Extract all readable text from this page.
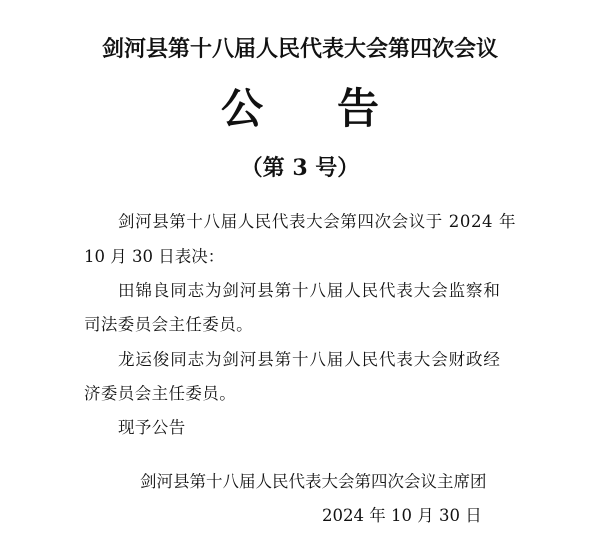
剑河县第十八届人民代表大会第四次会议
公告
（第 3 号）
剑河县第十八届人民代表大会第四次会议于 2024 年
10 月 30 日表决：
田锦良同志为剑河县第十八届人民代表大会监察和
司法委员会主任委员。
龙运俊同志为剑河县第十八届人民代表大会财政经
济委员会主任委员。
现予公告
剑河县第十八届人民代表大会第四次会议主席团
2024 年 10 月 30 日
